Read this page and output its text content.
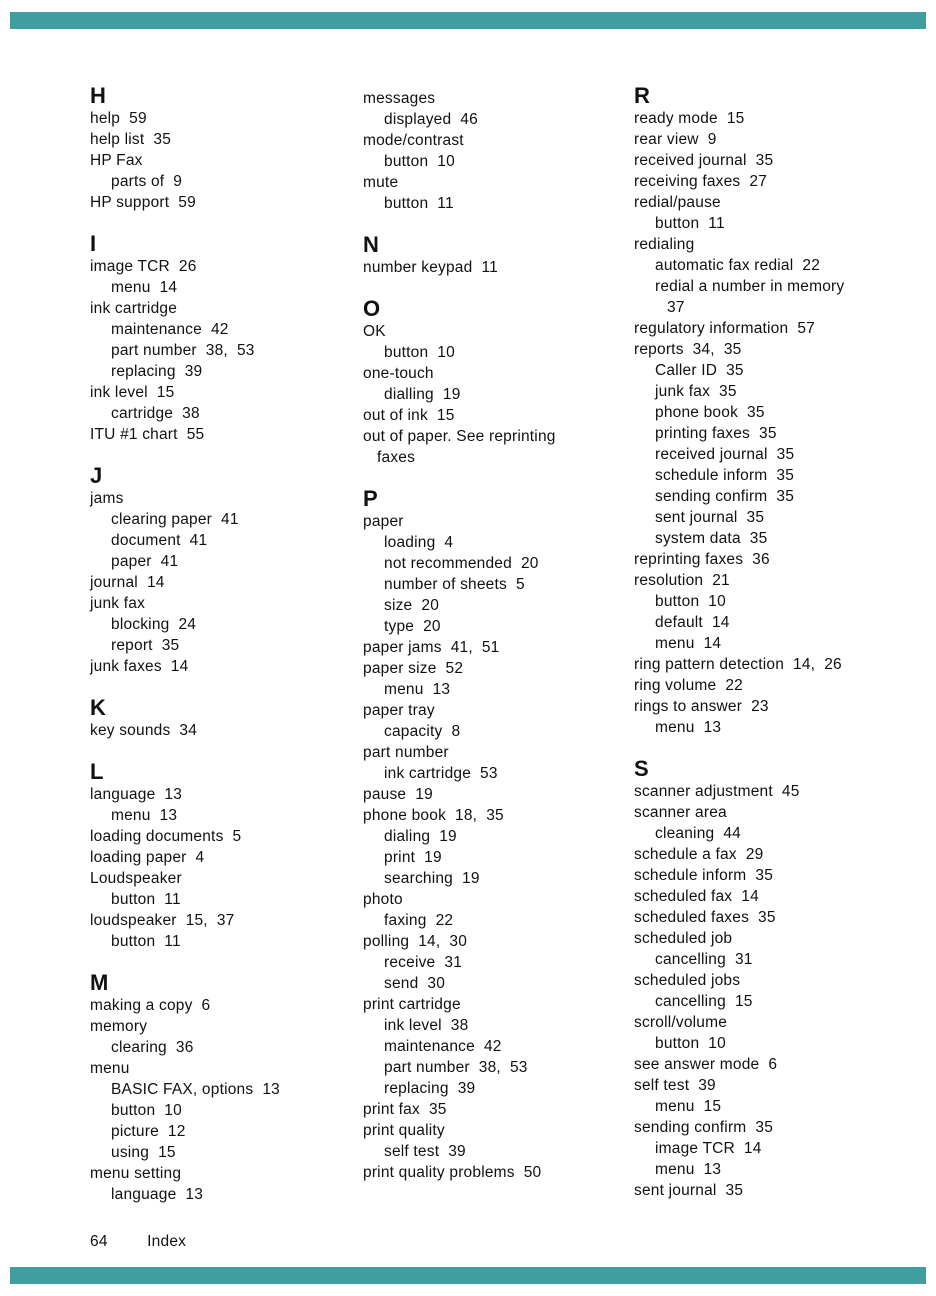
H
help  59
help list  35
HP Fax
parts of  9
HP support  59
I
image TCR  26
menu  14
ink cartridge
maintenance  42
part number  38,  53
replacing  39
ink level  15
cartridge  38
ITU #1 chart  55
J
jams
clearing paper  41
document  41
paper  41
journal  14
junk fax
blocking  24
report  35
junk faxes  14
K
key sounds  34
L
language  13
menu  13
loading documents  5
loading paper  4
Loudspeaker
button  11
loudspeaker  15,  37
button  11
M
making a copy  6
memory
clearing  36
menu
BASIC FAX, options  13
button  10
picture  12
using  15
menu setting
language  13
messages
displayed  46
mode/contrast
button  10
mute
button  11
N
number keypad  11
O
OK
button  10
one-touch
dialling  19
out of ink  15
out of paper. See reprinting
faxes
P
paper
loading  4
not recommended  20
number of sheets  5
size  20
type  20
paper jams  41,  51
paper size  52
menu  13
paper tray
capacity  8
part number
ink cartridge  53
pause  19
phone book  18,  35
dialing  19
print  19
searching  19
photo
faxing  22
polling  14,  30
receive  31
send  30
print cartridge
ink level  38
maintenance  42
part number  38,  53
replacing  39
print fax  35
print quality
self test  39
print quality problems  50
R
ready mode  15
rear view  9
received journal  35
receiving faxes  27
redial/pause
button  11
redialing
automatic fax redial  22
redial a number in memory
37
regulatory information  57
reports  34,  35
Caller ID  35
junk fax  35
phone book  35
printing faxes  35
received journal  35
schedule inform  35
sending confirm  35
sent journal  35
system data  35
reprinting faxes  36
resolution  21
button  10
default  14
menu  14
ring pattern detection  14,  26
ring volume  22
rings to answer  23
menu  13
S
scanner adjustment  45
scanner area
cleaning  44
schedule a fax  29
schedule inform  35
scheduled fax  14
scheduled faxes  35
scheduled job
cancelling  31
scheduled jobs
cancelling  15
scroll/volume
button  10
see answer mode  6
self test  39
menu  15
sending confirm  35
image TCR  14
menu  13
sent journal  35
64	Index
